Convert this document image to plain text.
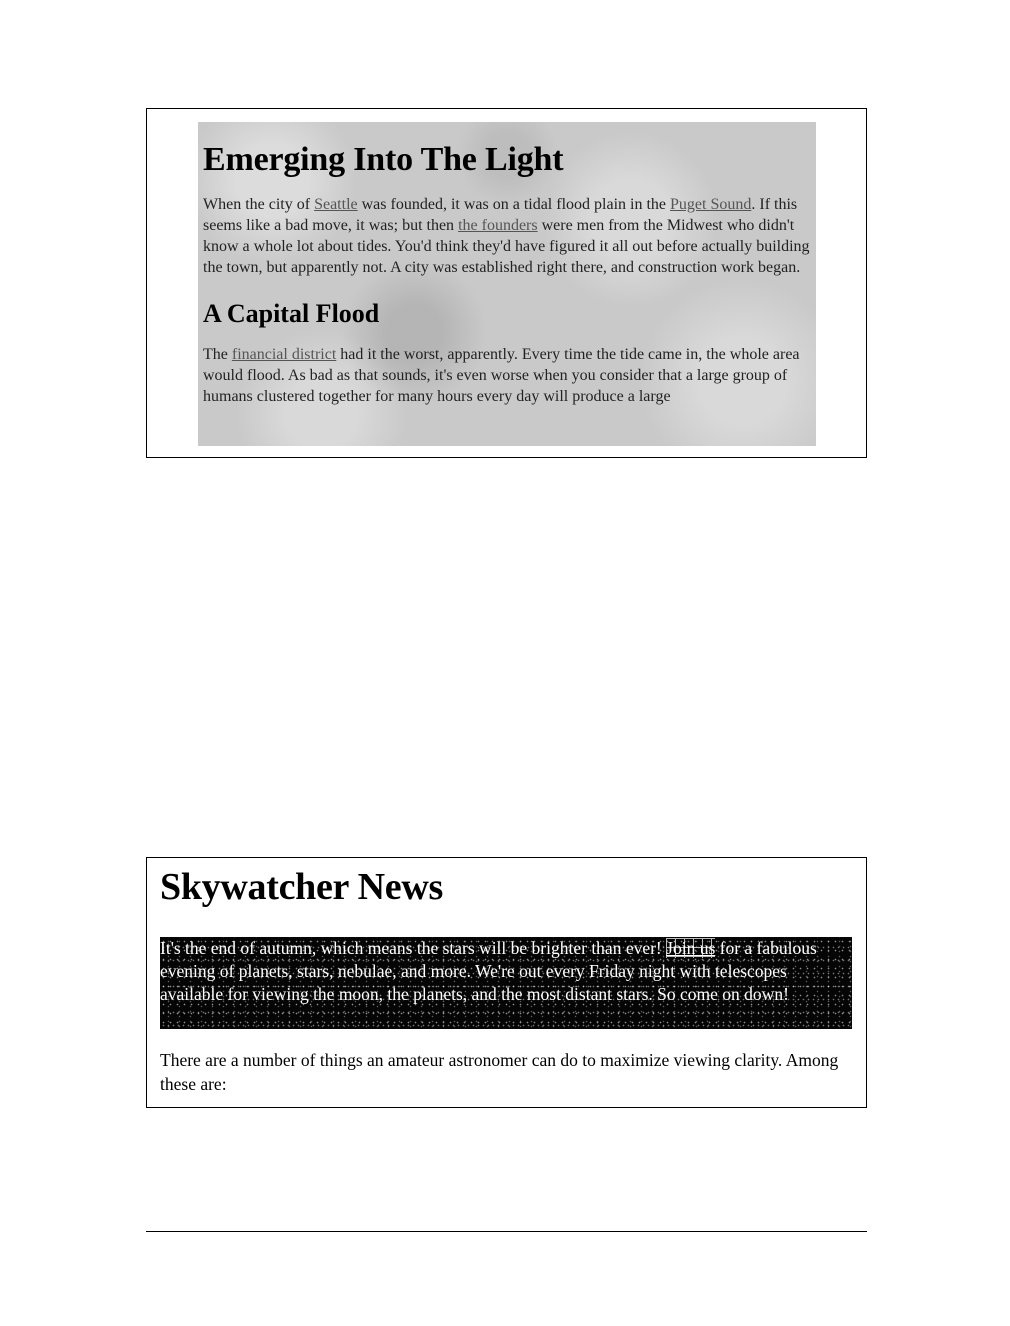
Emerging Into The Light

When the city of Seattle was founded, it was on a tidal flood plain in the Puget Sound. If this seems like a bad move, it was; but then the founders were men from the Midwest who didn't know a whole lot about tides. You'd think they'd have figured it all out before actually building the town, but apparently not. A city was established right there, and construction work began.

A Capital Flood

The financial district had it the worst, apparently. Every time the tide came in, the whole area would flood. As bad as that sounds, it's even worse when you consider that a large group of humans clustered together for many hours every day will produce a large

Skywatcher News
It's the end of autumn, which means the stars will be brighter than ever! Join us for a fabulous evening of planets, stars, nebulae, and more. We're out every Friday night with telescopes available for viewing the moon, the planets, and the most distant stars. So come on down!

There are a number of things an amateur astronomer can do to maximize viewing clarity. Among these are:
